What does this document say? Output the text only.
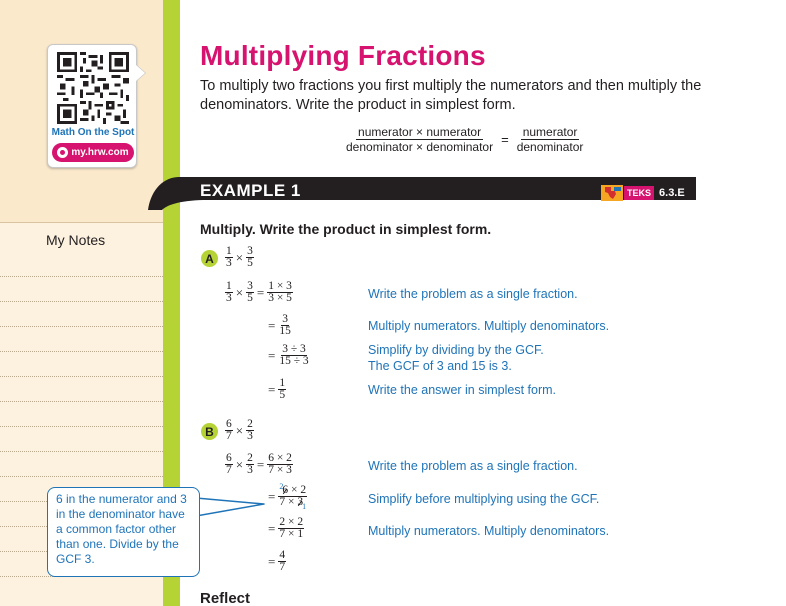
Math On the Spot
my.hrw.com
My Notes
Multiplying Fractions
To multiply two fractions you first multiply the numerators and then multiply the denominators. Write the product in simplest form.
$\frac{\text{numerator × numerator}}{\text{denominator × denominator}} = \frac{\text{numerator}}{\text{denominator}}$
EXAMPLE 1	TEKS 6.3.E
Multiply. Write the product in simplest form.
A $\frac{1}{3} \times \frac{3}{5}$
$\frac{1}{3} \times \frac{3}{5} = \frac{1 \times 3}{3 \times 5}$	Write the problem as a single fraction.
= $\frac{3}{15}$	Multiply numerators. Multiply denominators.
= $\frac{3 \div 3}{15 \div 3}$	Simplify by dividing by the GCF.
The GCF of 3 and 15 is 3.
= $\frac{1}{5}$	Write the answer in simplest form.
B $\frac{6}{7} \times \frac{2}{3}$
$\frac{6}{7} \times \frac{2}{3} = \frac{6 \times 2}{7 \times 3}$	Write the problem as a single fraction.
= $\frac{^26 \times 2}{7 \times 3_1}$	Simplify before multiplying using the GCF.
= $\frac{2 \times 2}{7 \times 1}$	Multiply numerators. Multiply denominators.
= $\frac{4}{7}$
6 in the numerator and 3 in the denominator have a common factor other than one. Divide by the GCF 3.
Reflect
